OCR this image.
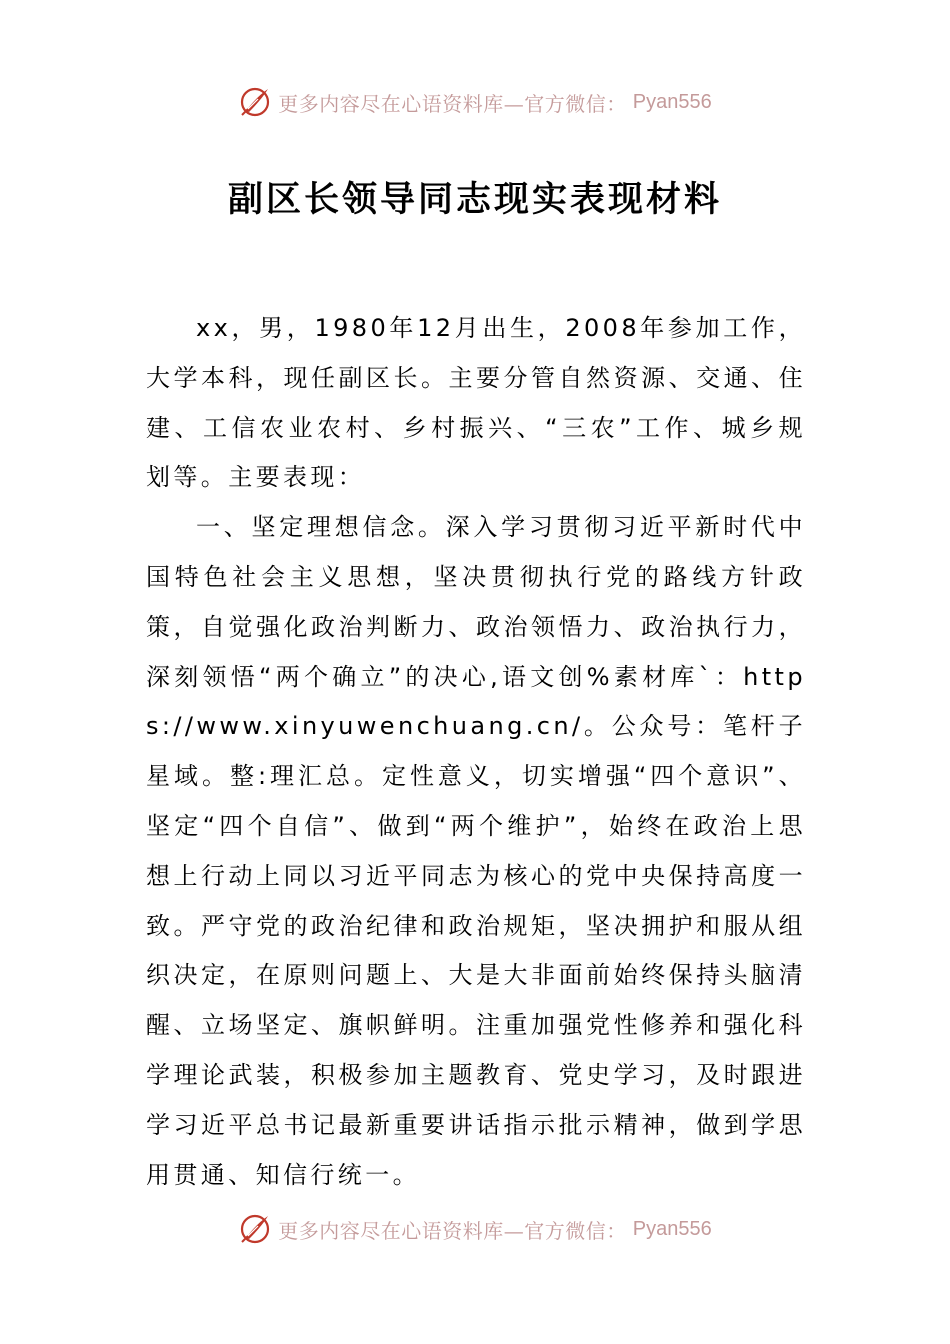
更多内容尽在心语资料库—官方微信： Pyan556
副区长领导同志现实表现材料

xx，男，1980年12月出生，2008年参加工作，大学本科，现任副区长。主要分管自然资源、交通、住建、工信农业农村、乡村振兴、“三农”工作、城乡规划等。主要表现：

一、坚定理想信念。深入学习贯彻习近平新时代中国特色社会主义思想，坚决贯彻执行党的路线方针政策，自觉强化政治判断力、政治领悟力、政治执行力，深刻领悟“两个确立”的决心,语文创%素材库`：https://www.xinyuwenchuang.cn/。公众号：笔杆子星域。整:理汇总。定性意义，切实增强“四个意识”、坚定“四个自信”、做到“两个维护”，始终在政治上思想上行动上同以习近平同志为核心的党中央保持高度一致。严守党的政治纪律和政治规矩，坚决拥护和服从组织决定，在原则问题上、大是大非面前始终保持头脑清醒、立场坚定、旗帜鲜明。注重加强党性修养和强化科学理论武装，积极参加主题教育、党史学习，及时跟进学习近平总书记最新重要讲话指示批示精神，做到学思用贯通、知信行统一。

更多内容尽在心语资料库—官方微信： Pyan556
